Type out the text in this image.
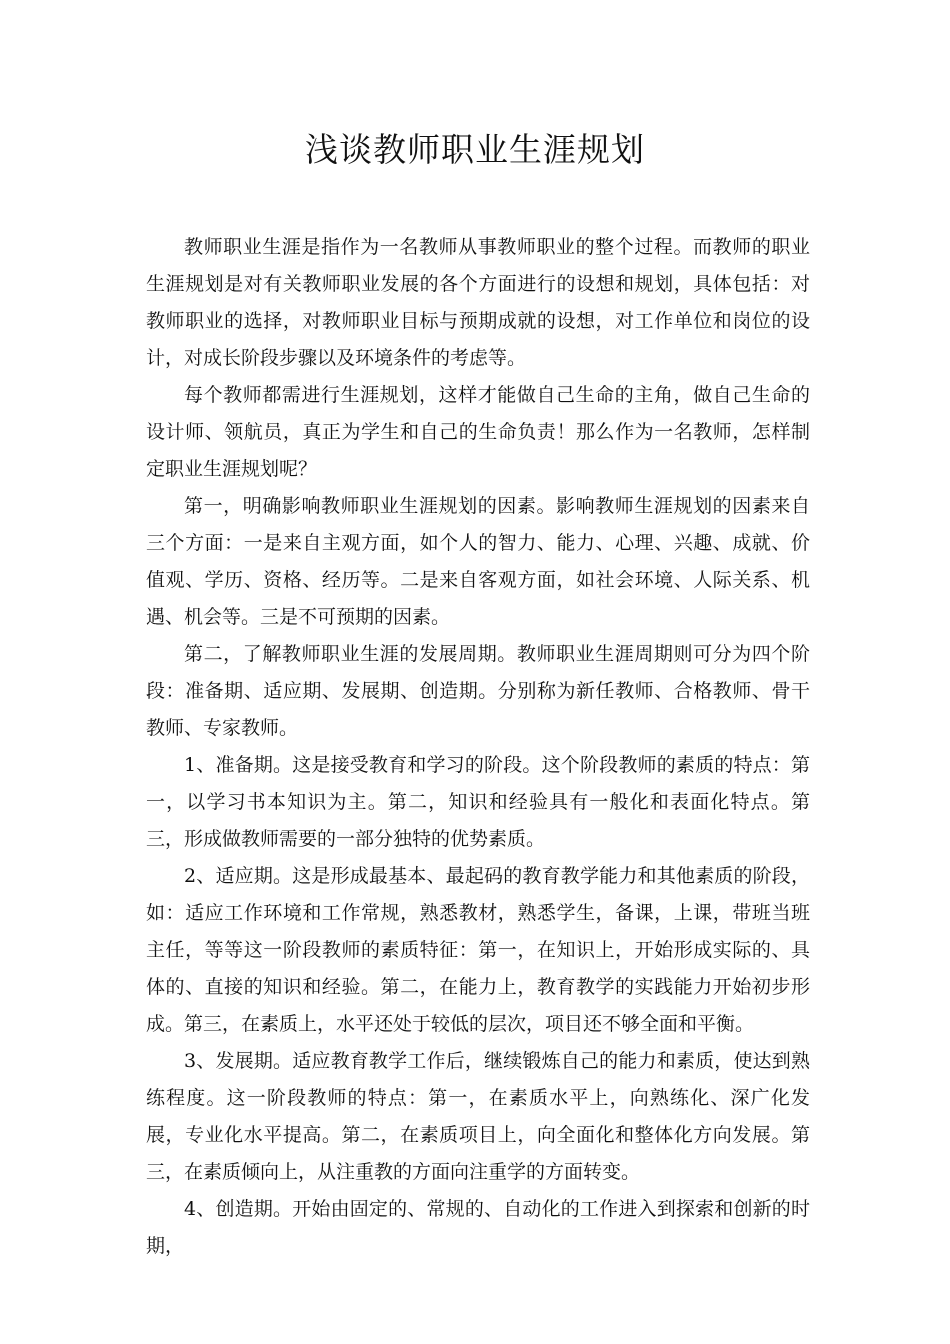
浅谈教师职业生涯规划

教师职业生涯是指作为一名教师从事教师职业的整个过程。而教师的职业生涯规划是对有关教师职业发展的各个方面进行的设想和规划，具体包括：对教师职业的选择，对教师职业目标与预期成就的设想，对工作单位和岗位的设计，对成长阶段步骤以及环境条件的考虑等。

每个教师都需进行生涯规划，这样才能做自己生命的主角，做自己生命的设计师、领航员，真正为学生和自己的生命负责！那么作为一名教师，怎样制定职业生涯规划呢？

第一，明确影响教师职业生涯规划的因素。影响教师生涯规划的因素来自三个方面：一是来自主观方面，如个人的智力、能力、心理、兴趣、成就、价值观、学历、资格、经历等。二是来自客观方面，如社会环境、人际关系、机遇、机会等。三是不可预期的因素。

第二，了解教师职业生涯的发展周期。教师职业生涯周期则可分为四个阶段：准备期、适应期、发展期、创造期。分别称为新任教师、合格教师、骨干教师、专家教师。

1、准备期。这是接受教育和学习的阶段。这个阶段教师的素质的特点：第一，以学习书本知识为主。第二，知识和经验具有一般化和表面化特点。第三，形成做教师需要的一部分独特的优势素质。

2、适应期。这是形成最基本、最起码的教育教学能力和其他素质的阶段，如：适应工作环境和工作常规，熟悉教材，熟悉学生，备课，上课，带班当班主任，等等这一阶段教师的素质特征：第一，在知识上，开始形成实际的、具体的、直接的知识和经验。第二，在能力上，教育教学的实践能力开始初步形成。第三，在素质上，水平还处于较低的层次，项目还不够全面和平衡。

3、发展期。适应教育教学工作后，继续锻炼自己的能力和素质，使达到熟练程度。这一阶段教师的特点：第一，在素质水平上，向熟练化、深广化发展，专业化水平提高。第二，在素质项目上，向全面化和整体化方向发展。第三，在素质倾向上，从注重教的方面向注重学的方面转变。

4、创造期。开始由固定的、常规的、自动化的工作进入到探索和创新的时期，
